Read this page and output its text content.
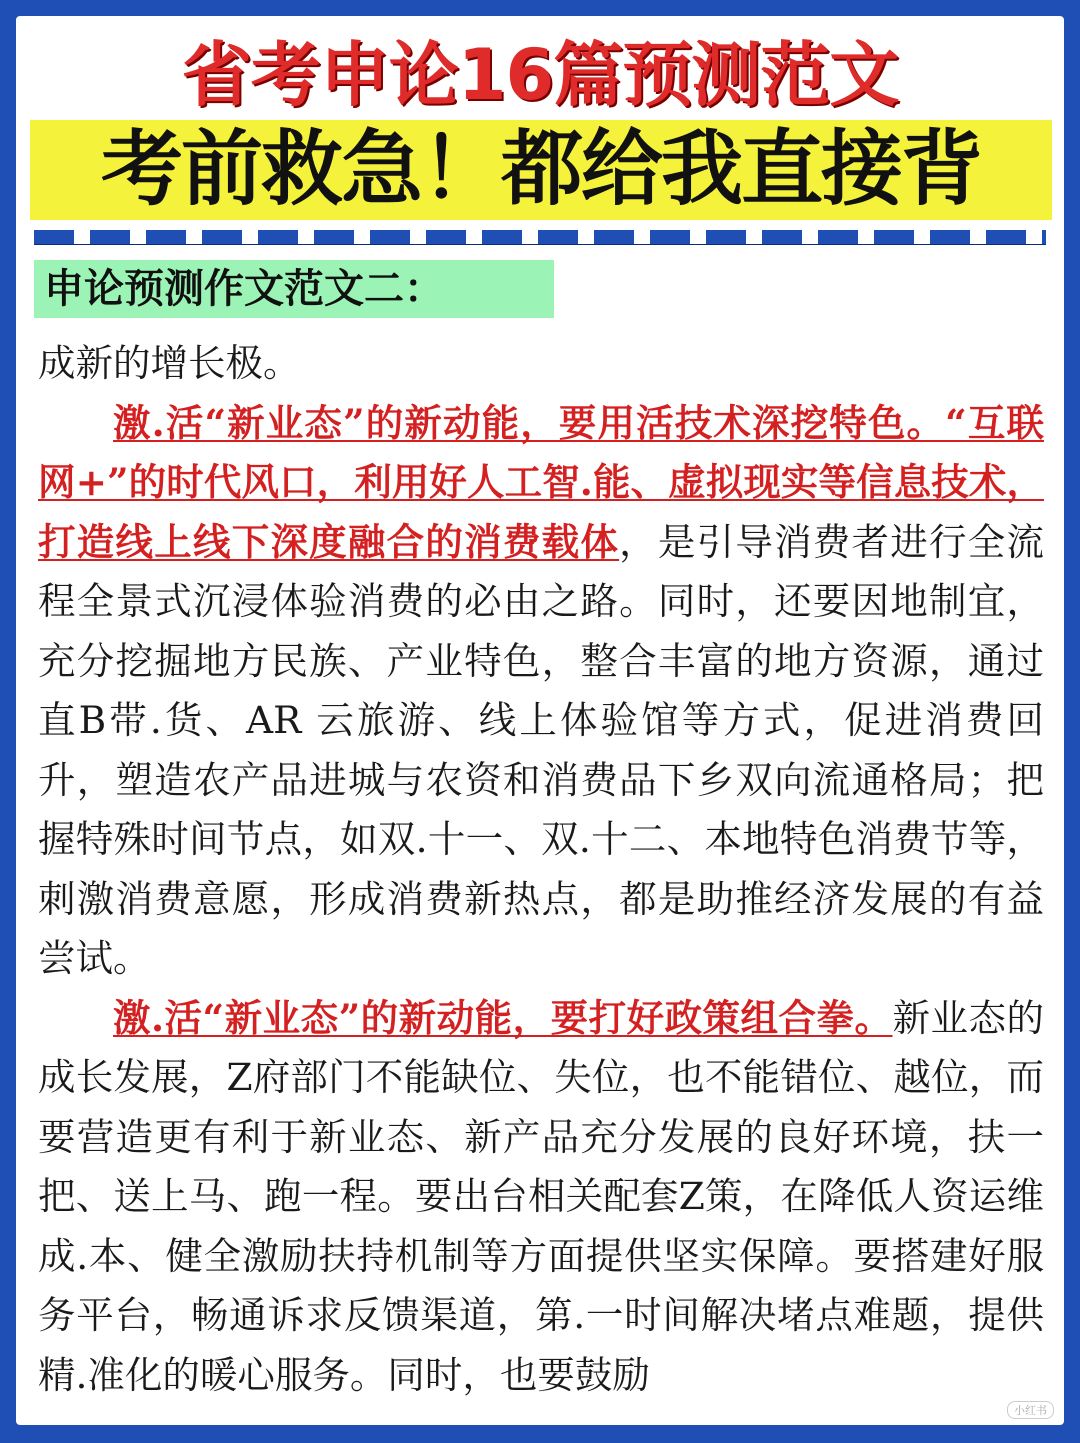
省考申论16篇预测范文
考前救急！都给我直接背
申论预测作文范文二：

成新的增长极。

激.活“新业态”的新动能，要用活技术深挖特色。“互联网+”的时代风口，利用好人工智.能、虚拟现实等信息技术，打造线上线下深度融合的消费载体，是引导消费者进行全流程全景式沉浸体验消费的必由之路。同时，还要因地制宜，充分挖掘地方民族、产业特色，整合丰富的地方资源，通过直B带.货、AR 云旅游、线上体验馆等方式，促进消费回升，塑造农产品进城与农资和消费品下乡双向流通格局；把握特殊时间节点，如双.十一、双.十二、本地特色消费节等，刺激消费意愿，形成消费新热点，都是助推经济发展的有益尝试。

激.活“新业态”的新动能，要打好政策组合拳。新业态的成长发展，Z府部门不能缺位、失位，也不能错位、越位，而要营造更有利于新业态、新产品充分发展的良好环境，扶一把、送上马、跑一程。要出台相关配套Z策，在降低人资运维成.本、健全激励扶持机制等方面提供坚实保障。要搭建好服务平台，畅通诉求反馈渠道，第.一时间解决堵点难题，提供精.准化的暖心服务。同时，也要鼓励

小红书
